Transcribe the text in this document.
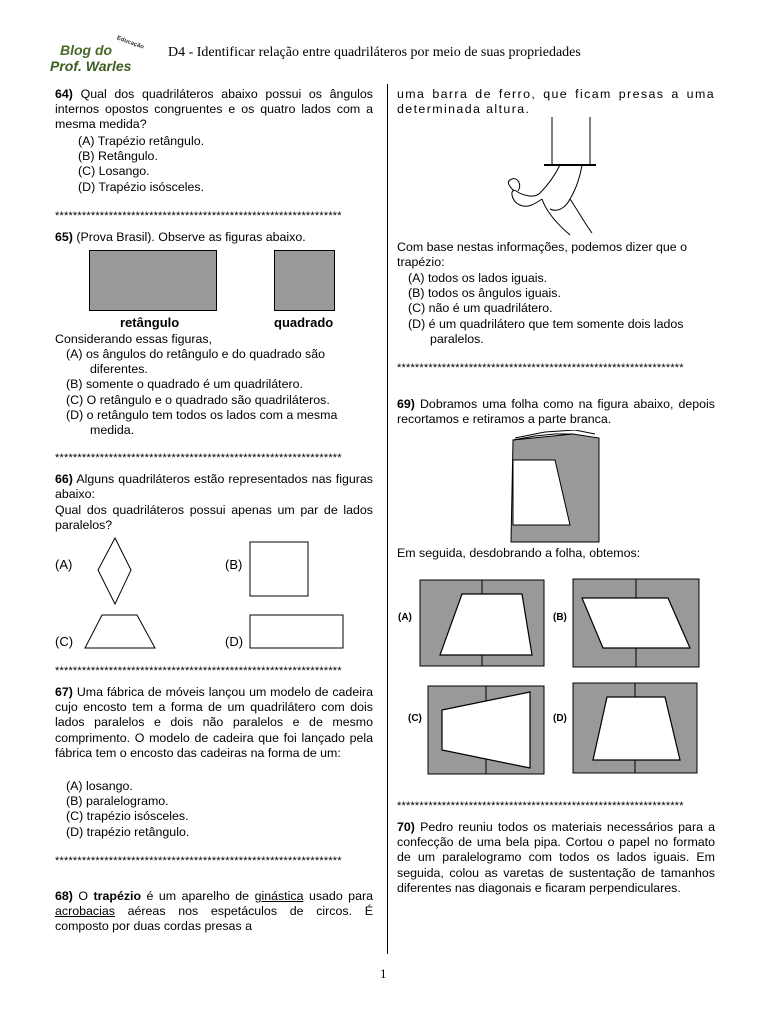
Blog do
Prof. Warles
Educação
D4 - Identificar relação entre quadriláteros por meio de suas propriedades
64) Qual dos quadriláteros abaixo possui os ângulos internos opostos congruentes e os quatro lados com a mesma medida?
(A) Trapézio retângulo.
(B) Retângulo.
(C) Losango.
(D) Trapézio isósceles.
****************************************************************
65) (Prova Brasil). Observe as figuras abaixo.
retângulo	quadrado
Considerando essas figuras,
(A) os ângulos do retângulo e do quadrado são diferentes.
(B) somente o quadrado é um quadrilátero.
(C) O retângulo e o quadrado são quadriláteros.
(D) o retângulo tem todos os lados com a mesma medida.
****************************************************************
66) Alguns quadriláteros estão representados nas figuras abaixo:
Qual dos quadriláteros possui apenas um par de lados paralelos?
(A)	(B)
(C)	(D)
****************************************************************
67) Uma fábrica de móveis lançou um modelo de cadeira cujo encosto tem a forma de um quadrilátero com dois lados paralelos e dois não paralelos e de mesmo comprimento. O modelo de cadeira que foi lançado pela fábrica tem o encosto das cadeiras na forma de um:
(A) losango.
(B) paralelogramo.
(C) trapézio isósceles.
(D) trapézio retângulo.
****************************************************************
68) O trapézio é um aparelho de ginástica usado para acrobacias aéreas nos espetáculos de circos. É composto por duas cordas presas a
uma barra de ferro, que ficam presas a uma determinada altura.
Com base nestas informações, podemos dizer que o trapézio:
(A) todos os lados iguais.
(B) todos os ângulos iguais.
(C) não é um quadrilátero.
(D) é um quadrilátero que tem somente dois lados paralelos.
****************************************************************
69) Dobramos uma folha como na figura abaixo, depois recortamos e retiramos a parte branca.
Em seguida, desdobrando a folha, obtemos:
(A)	(B)
(C)	(D)
****************************************************************
70) Pedro reuniu todos os materiais necessários para a confecção de uma bela pipa. Cortou o papel no formato de um paralelogramo com todos os lados iguais. Em seguida, colou as varetas de sustentação de tamanhos diferentes nas diagonais e ficaram perpendiculares.
1
